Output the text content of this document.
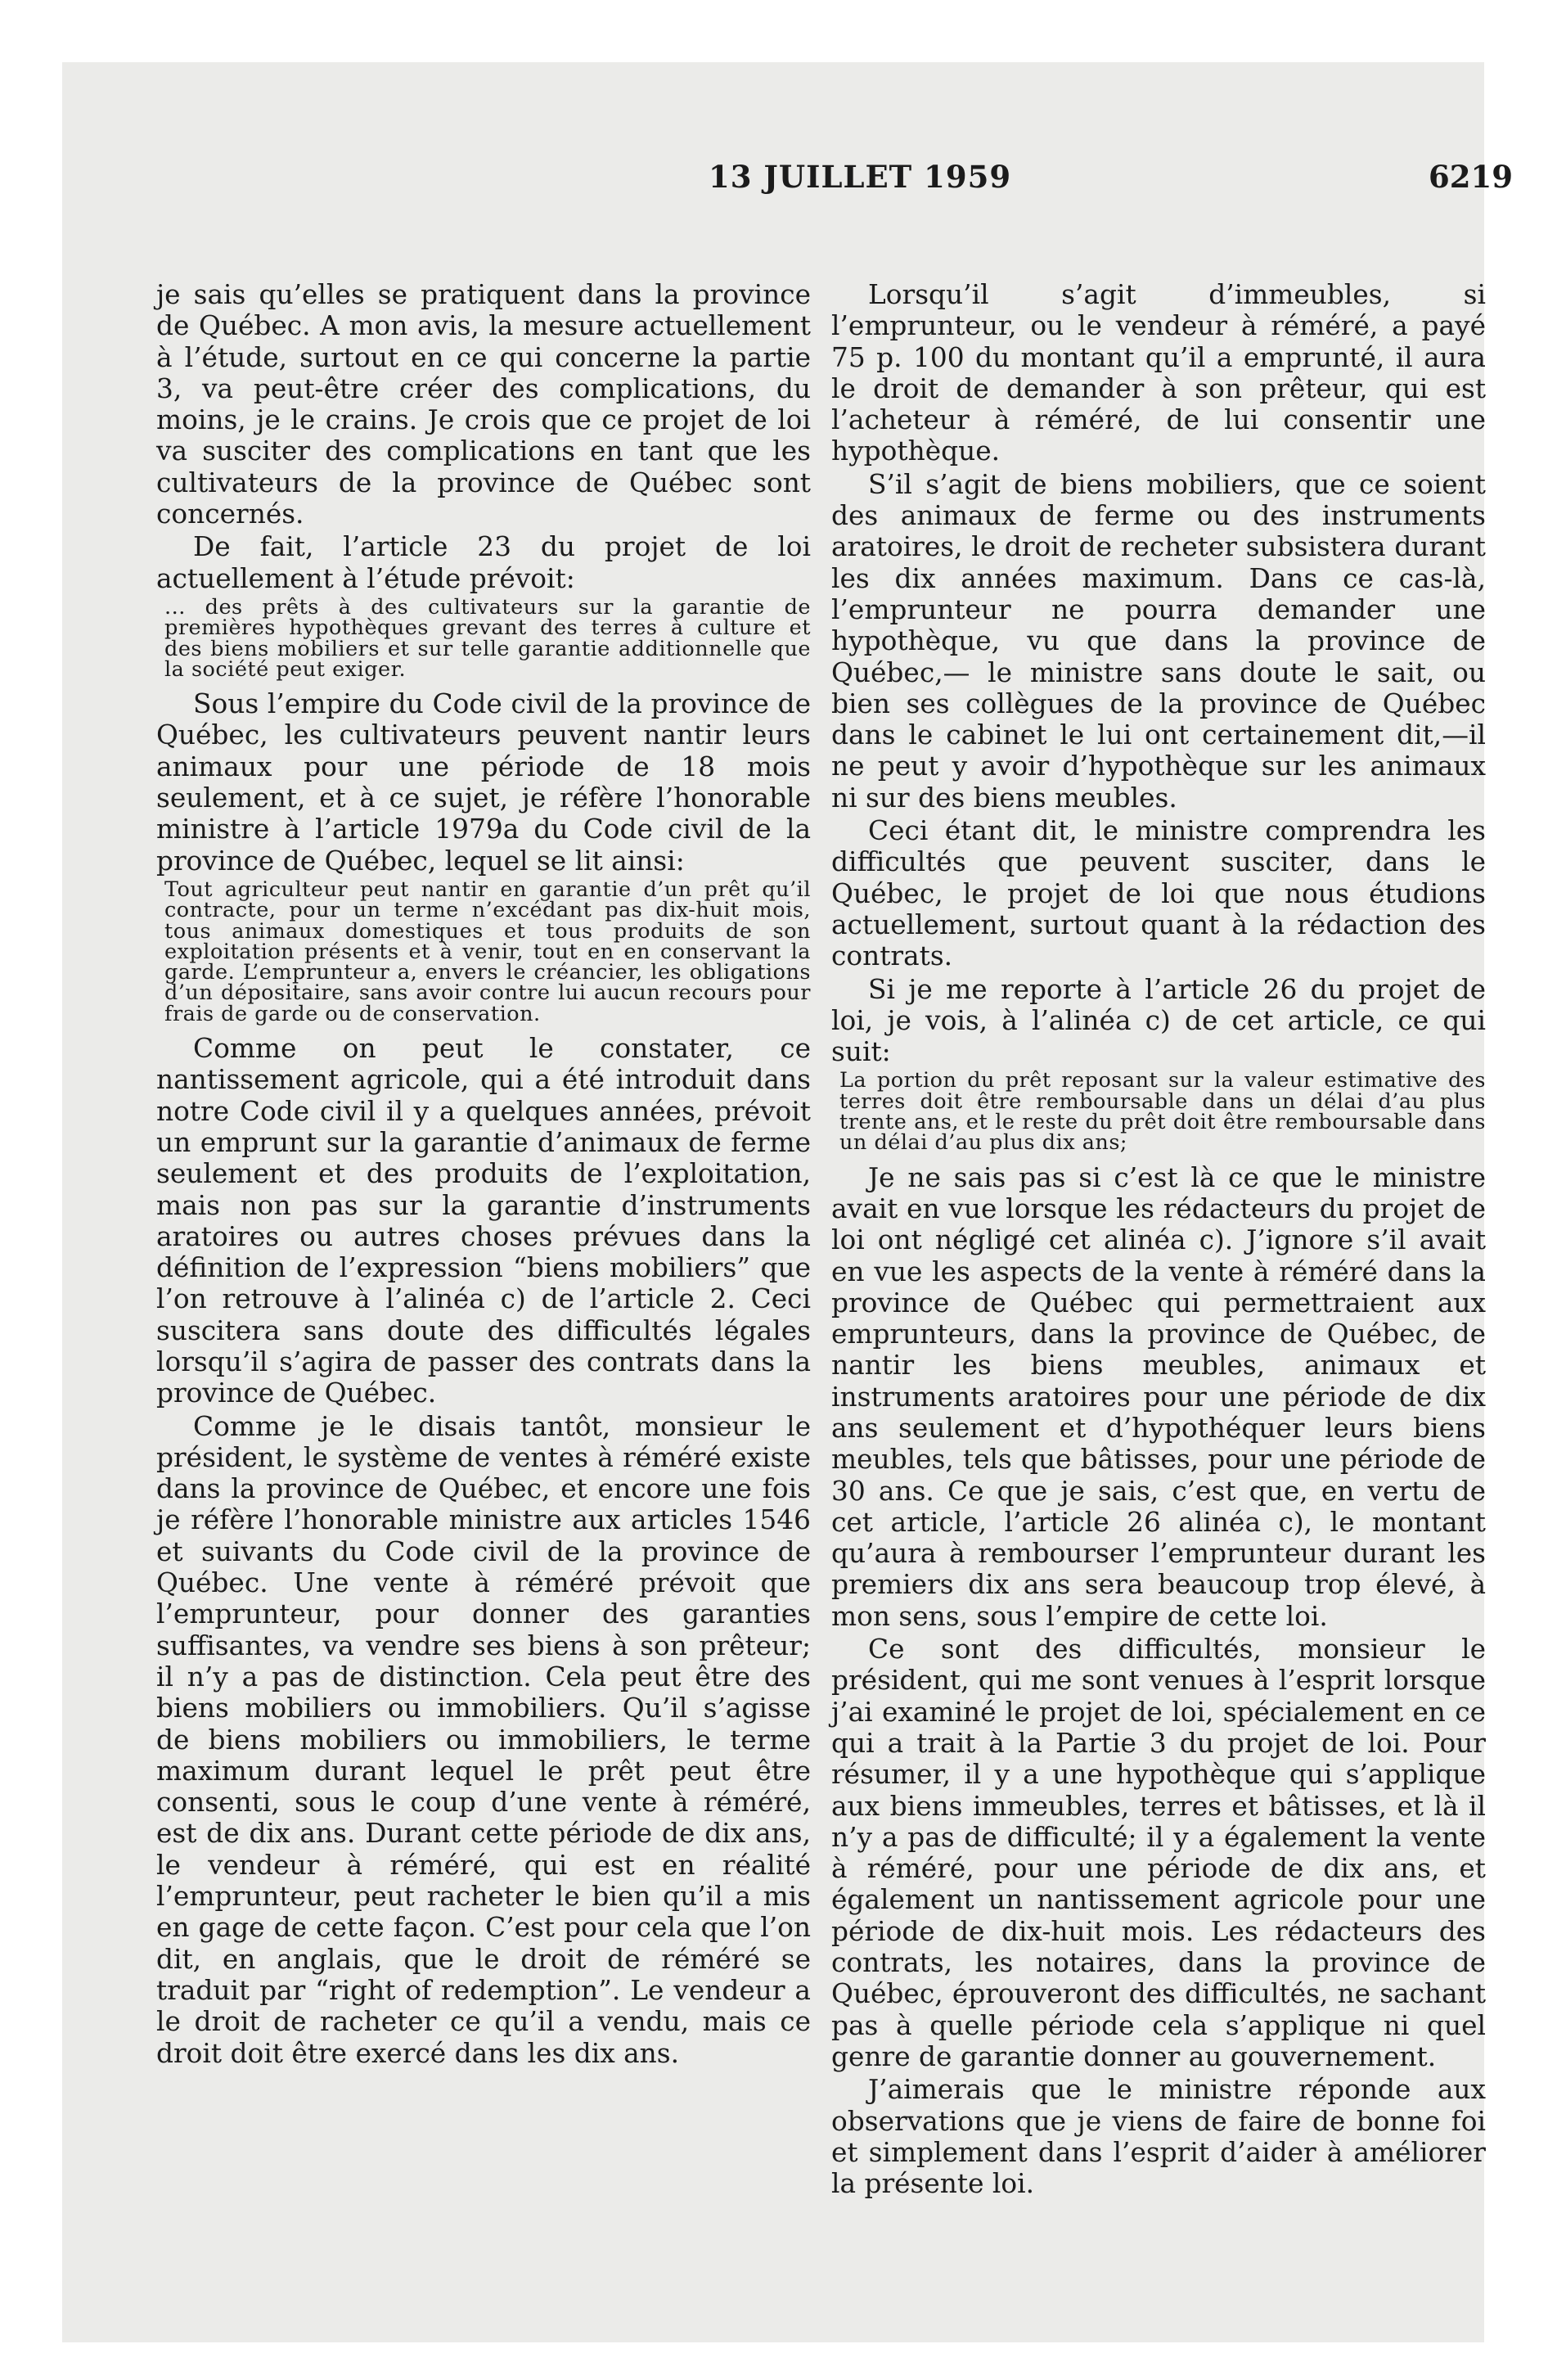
13 JUILLET 1959	6219

je sais qu’elles se pratiquent dans la province de Québec. A mon avis, la mesure actuellement à l’étude, surtout en ce qui concerne la partie 3, va peut-être créer des complications, du moins, je le crains. Je crois que ce projet de loi va susciter des complications en tant que les cultivateurs de la province de Québec sont concernés.

De fait, l’article 23 du projet de loi actuellement à l’étude prévoit:

... des prêts à des cultivateurs sur la garantie de premières hypothèques grevant des terres à culture et des biens mobiliers et sur telle garantie additionnelle que la société peut exiger.

Sous l’empire du Code civil de la province de Québec, les cultivateurs peuvent nantir leurs animaux pour une période de 18 mois seulement, et à ce sujet, je réfère l’honorable ministre à l’article 1979a du Code civil de la province de Québec, lequel se lit ainsi:

Tout agriculteur peut nantir en garantie d’un prêt qu’il contracte, pour un terme n’excédant pas dix-huit mois, tous animaux domestiques et tous produits de son exploitation présents et à venir, tout en en conservant la garde. L’emprunteur a, envers le créancier, les obligations d’un dépositaire, sans avoir contre lui aucun recours pour frais de garde ou de conservation.

Comme on peut le constater, ce nantissement agricole, qui a été introduit dans notre Code civil il y a quelques années, prévoit un emprunt sur la garantie d’animaux de ferme seulement et des produits de l’exploitation, mais non pas sur la garantie d’instruments aratoires ou autres choses prévues dans la définition de l’expression “biens mobiliers” que l’on retrouve à l’alinéa c) de l’article 2. Ceci suscitera sans doute des difficultés légales lorsqu’il s’agira de passer des contrats dans la province de Québec.

Comme je le disais tantôt, monsieur le président, le système de ventes à réméré existe dans la province de Québec, et encore une fois je réfère l’honorable ministre aux articles 1546 et suivants du Code civil de la province de Québec. Une vente à réméré prévoit que l’emprunteur, pour donner des garanties suffisantes, va vendre ses biens à son prêteur; il n’y a pas de distinction. Cela peut être des biens mobiliers ou immobiliers. Qu’il s’agisse de biens mobiliers ou immobiliers, le terme maximum durant lequel le prêt peut être consenti, sous le coup d’une vente à réméré, est de dix ans. Durant cette période de dix ans, le vendeur à réméré, qui est en réalité l’emprunteur, peut racheter le bien qu’il a mis en gage de cette façon. C’est pour cela que l’on dit, en anglais, que le droit de réméré se traduit par “right of redemption”. Le vendeur a le droit de racheter ce qu’il a vendu, mais ce droit doit être exercé dans les dix ans.

Lorsqu’il s’agit d’immeubles, si l’emprunteur, ou le vendeur à réméré, a payé 75 p. 100 du montant qu’il a emprunté, il aura le droit de demander à son prêteur, qui est l’acheteur à réméré, de lui consentir une hypothèque.

S’il s’agit de biens mobiliers, que ce soient des animaux de ferme ou des instruments aratoires, le droit de recheter subsistera durant les dix années maximum. Dans ce cas-là, l’emprunteur ne pourra demander une hypothèque, vu que dans la province de Québec,— le ministre sans doute le sait, ou bien ses collègues de la province de Québec dans le cabinet le lui ont certainement dit,—il ne peut y avoir d’hypothèque sur les animaux ni sur des biens meubles.

Ceci étant dit, le ministre comprendra les difficultés que peuvent susciter, dans le Québec, le projet de loi que nous étudions actuellement, surtout quant à la rédaction des contrats.

Si je me reporte à l’article 26 du projet de loi, je vois, à l’alinéa c) de cet article, ce qui suit:

La portion du prêt reposant sur la valeur estimative des terres doit être remboursable dans un délai d’au plus trente ans, et le reste du prêt doit être remboursable dans un délai d’au plus dix ans;

Je ne sais pas si c’est là ce que le ministre avait en vue lorsque les rédacteurs du projet de loi ont négligé cet alinéa c). J’ignore s’il avait en vue les aspects de la vente à réméré dans la province de Québec qui permettraient aux emprunteurs, dans la province de Québec, de nantir les biens meubles, animaux et instruments aratoires pour une période de dix ans seulement et d’hypothéquer leurs biens meubles, tels que bâtisses, pour une période de 30 ans. Ce que je sais, c’est que, en vertu de cet article, l’article 26 alinéa c), le montant qu’aura à rembourser l’emprunteur durant les premiers dix ans sera beaucoup trop élevé, à mon sens, sous l’empire de cette loi.

Ce sont des difficultés, monsieur le président, qui me sont venues à l’esprit lorsque j’ai examiné le projet de loi, spécialement en ce qui a trait à la Partie 3 du projet de loi. Pour résumer, il y a une hypothèque qui s’applique aux biens immeubles, terres et bâtisses, et là il n’y a pas de difficulté; il y a également la vente à réméré, pour une période de dix ans, et également un nantissement agricole pour une période de dix-huit mois. Les rédacteurs des contrats, les notaires, dans la province de Québec, éprouveront des difficultés, ne sachant pas à quelle période cela s’applique ni quel genre de garantie donner au gouvernement.

J’aimerais que le ministre réponde aux observations que je viens de faire de bonne foi et simplement dans l’esprit d’aider à améliorer la présente loi.
